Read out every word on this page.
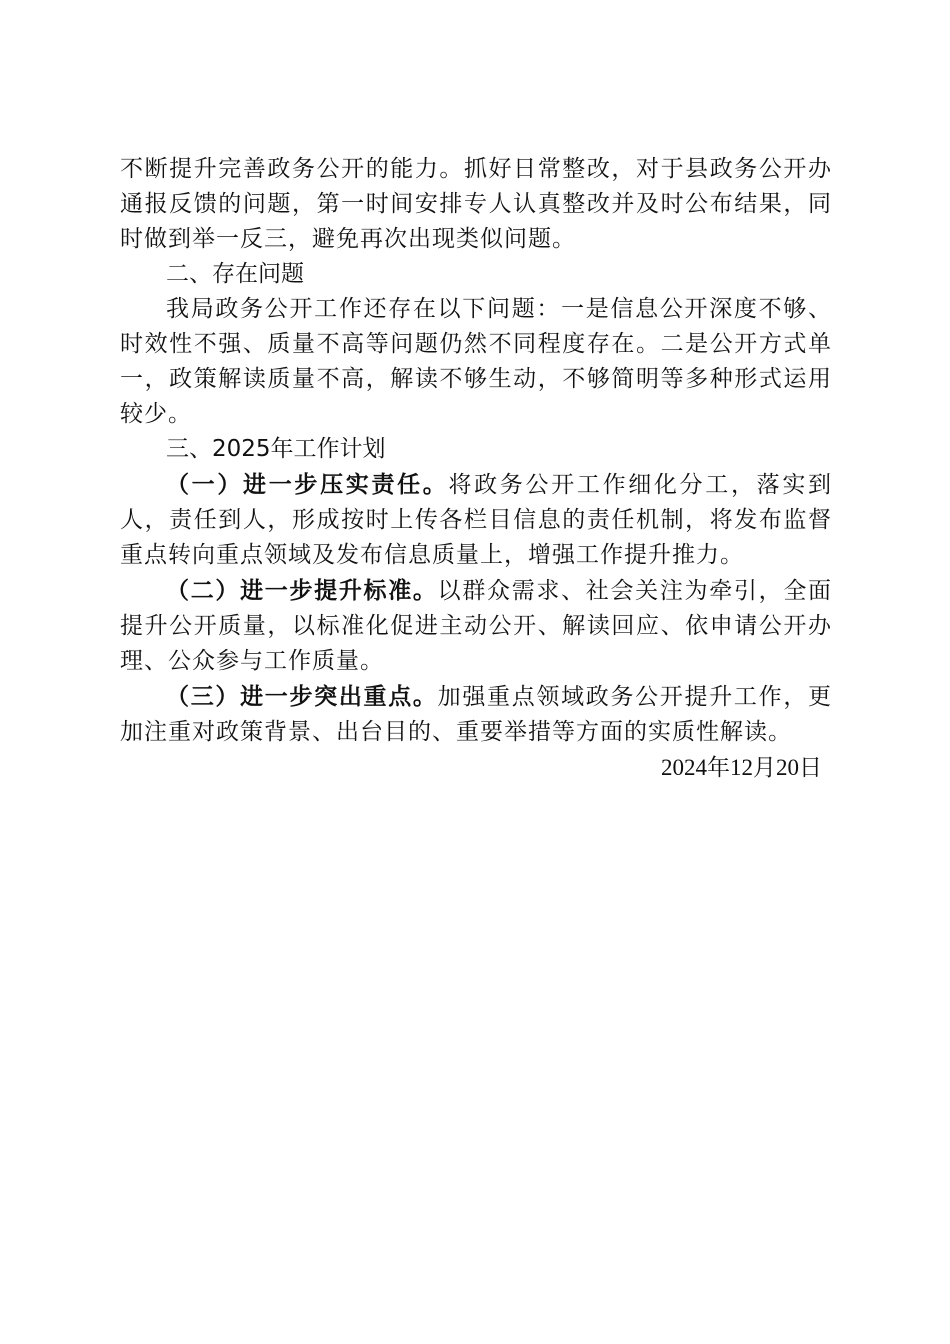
不断提升完善政务公开的能力。抓好日常整改，对于县政务公开办通报反馈的问题，第一时间安排专人认真整改并及时公布结果，同时做到举一反三，避免再次出现类似问题。

二、存在问题

我局政务公开工作还存在以下问题：一是信息公开深度不够、时效性不强、质量不高等问题仍然不同程度存在。二是公开方式单一，政策解读质量不高，解读不够生动，不够简明等多种形式运用较少。

三、2025年工作计划

（一）进一步压实责任。将政务公开工作细化分工，落实到人，责任到人，形成按时上传各栏目信息的责任机制，将发布监督重点转向重点领域及发布信息质量上，增强工作提升推力。

（二）进一步提升标准。以群众需求、社会关注为牵引，全面提升公开质量，以标准化促进主动公开、解读回应、依申请公开办理、公众参与工作质量。

（三）进一步突出重点。加强重点领域政务公开提升工作，更加注重对政策背景、出台目的、重要举措等方面的实质性解读。

2024年12月20日
